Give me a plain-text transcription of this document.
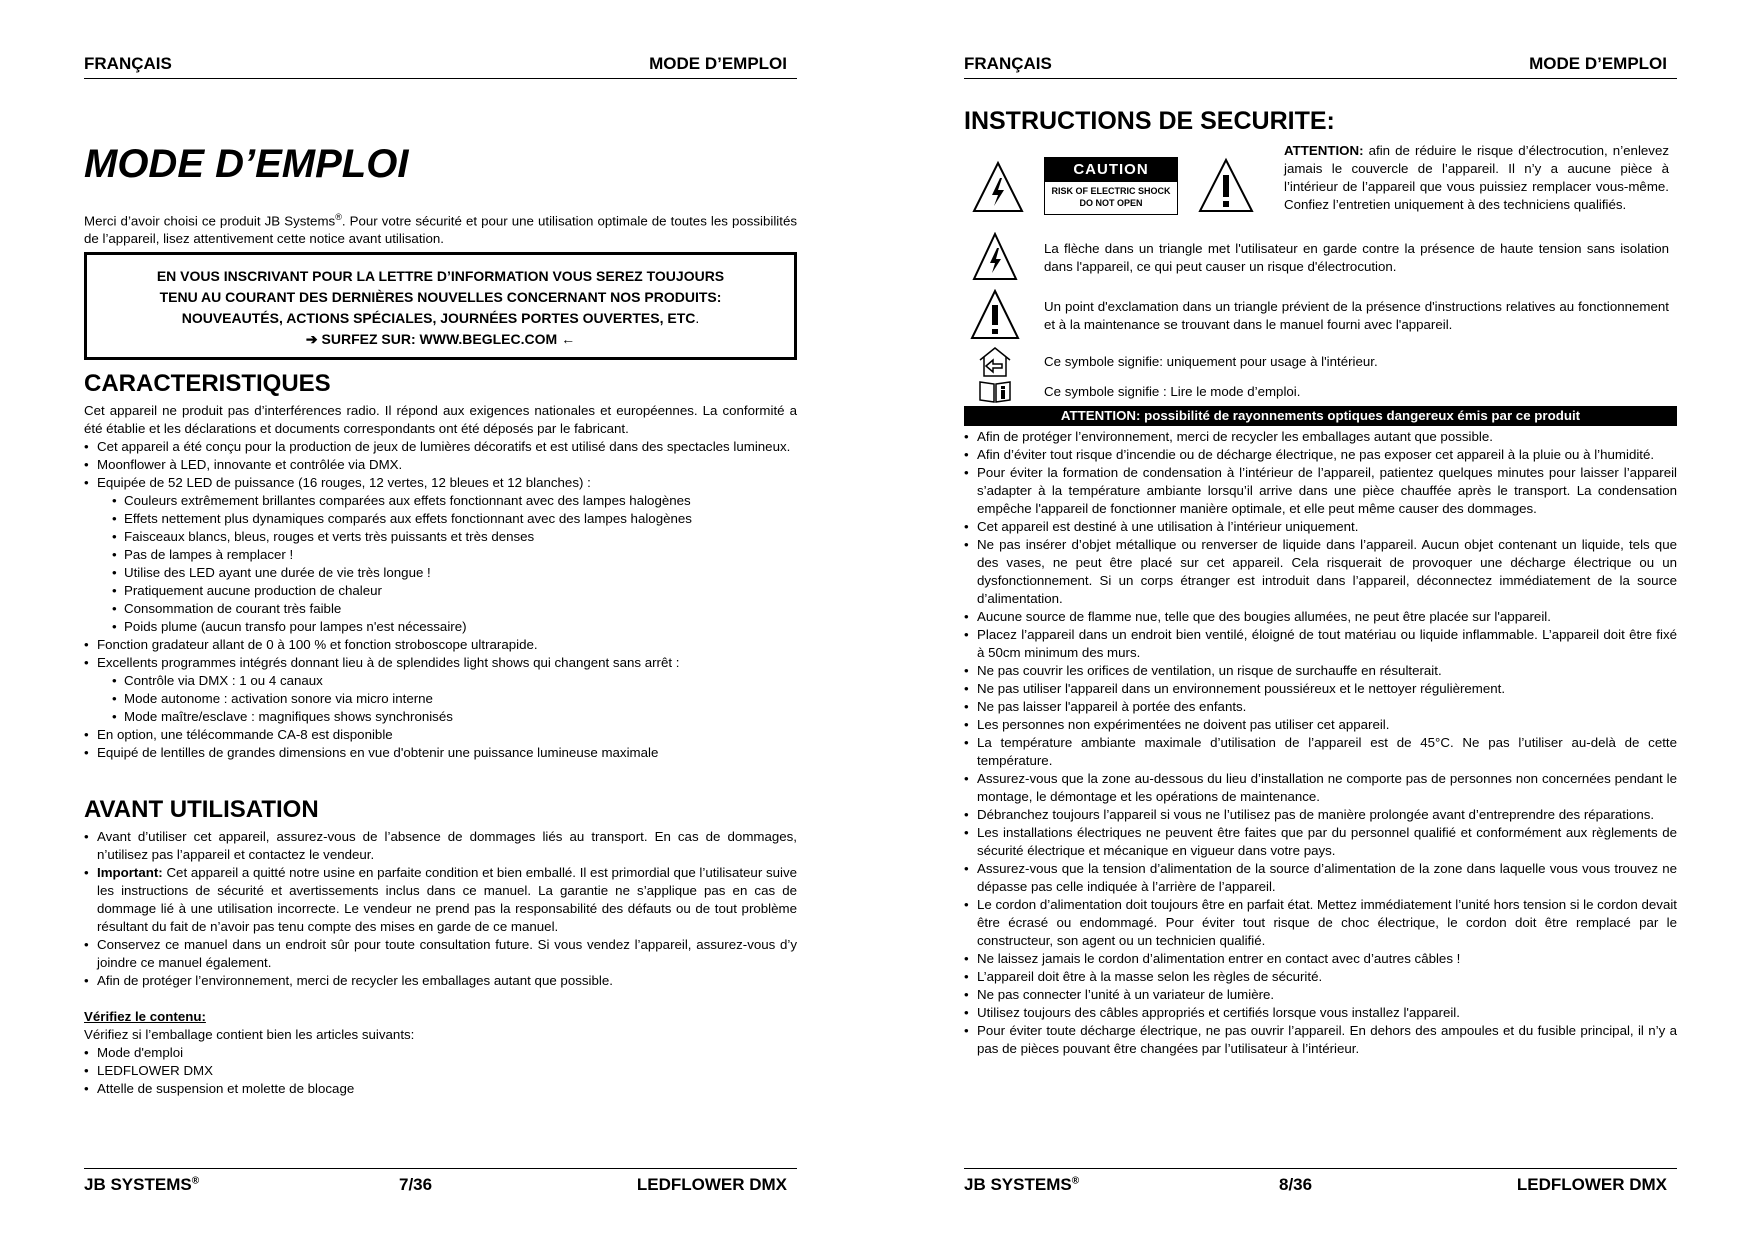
FRANÇAIS	MODE D’EMPLOI
MODE D’EMPLOI
Merci d’avoir choisi ce produit JB Systems®. Pour votre sécurité et pour une utilisation optimale de toutes les possibilités de l’appareil, lisez attentivement cette notice avant utilisation.
EN VOUS INSCRIVANT POUR LA LETTRE D’INFORMATION VOUS SEREZ TOUJOURS
TENU AU COURANT DES DERNIÈRES NOUVELLES CONCERNANT NOS PRODUITS:
NOUVEAUTÉS, ACTIONS SPÉCIALES, JOURNÉES PORTES OUVERTES, ETC.
➔ SURFEZ SUR: WWW.BEGLEC.COM ←
CARACTERISTIQUES
Cet appareil ne produit pas d’interférences radio. Il répond aux exigences nationales et européennes. La conformité a été établie et les déclarations et documents correspondants ont été déposés par le fabricant.
• Cet appareil a été conçu pour la production de jeux de lumières décoratifs et est utilisé dans des spectacles lumineux.
• Moonflower à LED, innovante et contrôlée via DMX.
• Equipée de 52 LED de puissance (16 rouges, 12 vertes, 12 bleues et 12 blanches) :
• Couleurs extrêmement brillantes comparées aux effets fonctionnant avec des lampes halogènes
• Effets nettement plus dynamiques comparés aux effets fonctionnant avec des lampes halogènes
• Faisceaux blancs, bleus, rouges et verts très puissants et très denses
• Pas de lampes à remplacer !
• Utilise des LED ayant une durée de vie très longue !
• Pratiquement aucune production de chaleur
• Consommation de courant très faible
• Poids plume (aucun transfo pour lampes n'est nécessaire)
• Fonction gradateur allant de 0 à 100 % et fonction stroboscope ultrarapide.
• Excellents programmes intégrés donnant lieu à de splendides light shows qui changent sans arrêt :
• Contrôle via DMX : 1 ou 4 canaux
• Mode autonome : activation sonore via micro interne
• Mode maître/esclave : magnifiques shows synchronisés
• En option, une télécommande CA-8 est disponible
• Equipé de lentilles de grandes dimensions en vue d'obtenir une puissance lumineuse maximale
AVANT UTILISATION
• Avant d’utiliser cet appareil, assurez-vous de l’absence de dommages liés au transport. En cas de dommages, n’utilisez pas l’appareil et contactez le vendeur.
• Important: Cet appareil a quitté notre usine en parfaite condition et bien emballé. Il est primordial que l’utilisateur suive les instructions de sécurité et avertissements inclus dans ce manuel. La garantie ne s’applique pas en cas de dommage lié à une utilisation incorrecte. Le vendeur ne prend pas la responsabilité des défauts ou de tout problème résultant du fait de n’avoir pas tenu compte des mises en garde de ce manuel.
• Conservez ce manuel dans un endroit sûr pour toute consultation future. Si vous vendez l’appareil, assurez-vous d’y joindre ce manuel également.
• Afin de protéger l’environnement, merci de recycler les emballages autant que possible.
Vérifiez le contenu:
Vérifiez si l’emballage contient bien les articles suivants:
• Mode d'emploi
• LEDFLOWER DMX
• Attelle de suspension et molette de blocage
JB SYSTEMS®	7/36	LEDFLOWER DMX
FRANÇAIS	MODE D’EMPLOI
INSTRUCTIONS DE SECURITE:
CAUTION
RISK OF ELECTRIC SHOCK
DO NOT OPEN
ATTENTION: afin de réduire le risque d’électrocution, n’enlevez jamais le couvercle de l’appareil. Il n’y a aucune pièce à l’intérieur de l’appareil que vous puissiez remplacer vous-même. Confiez l’entretien uniquement à des techniciens qualifiés.
La flèche dans un triangle met l'utilisateur en garde contre la présence de haute tension sans isolation dans l'appareil, ce qui peut causer un risque d'électrocution.
Un point d'exclamation dans un triangle prévient de la présence d'instructions relatives au fonctionnement et à la maintenance se trouvant dans le manuel fourni avec l'appareil.
Ce symbole signifie: uniquement pour usage à l'intérieur.
Ce symbole signifie : Lire le mode d’emploi.
ATTENTION: possibilité de rayonnements optiques dangereux émis par ce produit
• Afin de protéger l’environnement, merci de recycler les emballages autant que possible.
• Afin d’éviter tout risque d’incendie ou de décharge électrique, ne pas exposer cet appareil à la pluie ou à l’humidité.
• Pour éviter la formation de condensation à l’intérieur de l’appareil, patientez quelques minutes pour laisser l’appareil s’adapter à la température ambiante lorsqu’il arrive dans une pièce chauffée après le transport. La condensation empêche l'appareil de fonctionner manière optimale, et elle peut même causer des dommages.
• Cet appareil est destiné à une utilisation à l’intérieur uniquement.
• Ne pas insérer d’objet métallique ou renverser de liquide dans l’appareil. Aucun objet contenant un liquide, tels que des vases, ne peut être placé sur cet appareil. Cela risquerait de provoquer une décharge électrique ou un dysfonctionnement. Si un corps étranger est introduit dans l’appareil, déconnectez immédiatement de la source d’alimentation.
• Aucune source de flamme nue, telle que des bougies allumées, ne peut être placée sur l'appareil.
• Placez l’appareil dans un endroit bien ventilé, éloigné de tout matériau ou liquide inflammable. L’appareil doit être fixé à 50cm minimum des murs.
• Ne pas couvrir les orifices de ventilation, un risque de surchauffe en résulterait.
• Ne pas utiliser l'appareil dans un environnement poussiéreux et le nettoyer régulièrement.
• Ne pas laisser l'appareil à portée des enfants.
• Les personnes non expérimentées ne doivent pas utiliser cet appareil.
• La température ambiante maximale d’utilisation de l’appareil est de 45°C. Ne pas l’utiliser au-delà de cette température.
• Assurez-vous que la zone au-dessous du lieu d’installation ne comporte pas de personnes non concernées pendant le montage, le démontage et les opérations de maintenance.
• Débranchez toujours l’appareil si vous ne l’utilisez pas de manière prolongée avant d’entreprendre des réparations.
• Les installations électriques ne peuvent être faites que par du personnel qualifié et conformément aux règlements de sécurité électrique et mécanique en vigueur dans votre pays.
• Assurez-vous que la tension d’alimentation de la source d’alimentation de la zone dans laquelle vous vous trouvez ne dépasse pas celle indiquée à l’arrière de l’appareil.
• Le cordon d’alimentation doit toujours être en parfait état. Mettez immédiatement l’unité hors tension si le cordon devait être écrasé ou endommagé. Pour éviter tout risque de choc électrique, le cordon doit être remplacé par le constructeur, son agent ou un technicien qualifié.
• Ne laissez jamais le cordon d’alimentation entrer en contact avec d’autres câbles !
• L’appareil doit être à la masse selon les règles de sécurité.
• Ne pas connecter l’unité à un variateur de lumière.
• Utilisez toujours des câbles appropriés et certifiés lorsque vous installez l'appareil.
• Pour éviter toute décharge électrique, ne pas ouvrir l’appareil. En dehors des ampoules et du fusible principal, il n’y a pas de pièces pouvant être changées par l’utilisateur à l’intérieur.
JB SYSTEMS®	8/36	LEDFLOWER DMX
